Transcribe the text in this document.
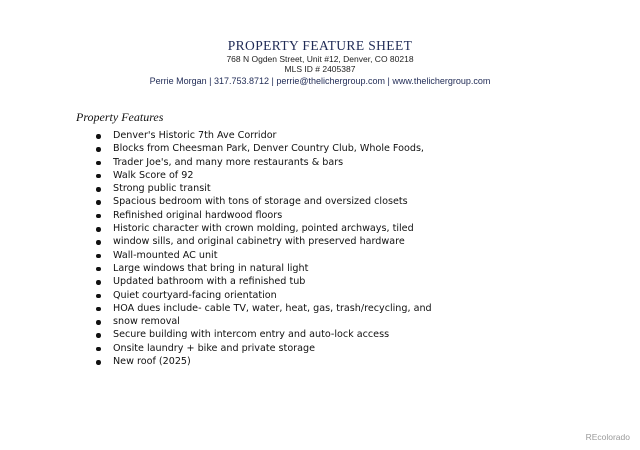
PROPERTY FEATURE SHEET
768 N Ogden Street, Unit #12, Denver, CO 80218
MLS ID # 2405387
Perrie Morgan | 317.753.8712 | perrie@thelichergroup.com | www.thelichergroup.com
Property Features
Denver's Historic 7th Ave Corridor
Blocks from Cheesman Park, Denver Country Club, Whole Foods,
Trader Joe's, and many more restaurants & bars
Walk Score of 92
Strong public transit
Spacious bedroom with tons of storage and oversized closets
Refinished original hardwood floors
Historic character with crown molding, pointed archways, tiled
window sills, and original cabinetry with preserved hardware
Wall-mounted AC unit
Large windows that bring in natural light
Updated bathroom with a refinished tub
Quiet courtyard-facing orientation
HOA dues include- cable TV, water, heat, gas, trash/recycling, and
snow removal
Secure building with intercom entry and auto-lock access
Onsite laundry + bike and private storage
New roof (2025)
REcolorado
